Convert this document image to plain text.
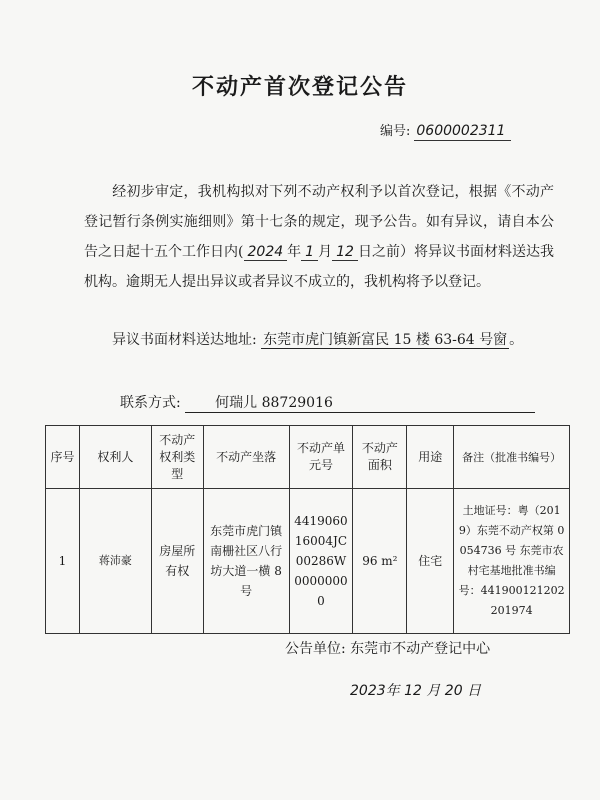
不动产首次登记公告
编号: 0600002311
经初步审定，我机构拟对下列不动产权利予以首次登记，根据《不动产登记暂行条例实施细则》第十七条的规定，现予公告。如有异议，请自本公告之日起十五个工作日内( 2024 年 1 月 12 日之前）将异议书面材料送达我机构。逾期无人提出异议或者异议不成立的，我机构将予以登记。
异议书面材料送达地址: 东莞市虎门镇新富民 15 楼 63-64 号窗 。
联系方式: 何瑞儿 88729016
序号	权利人	不动产权利类型	不动产坐落	不动产单元号	不动产面积	用途	备注（批准书编号）
1	蒋沛豪	房屋所有权	东莞市虎门镇南栅社区八行坊大道一横 8 号	441906016004JC00286W00000000	96 m²	住宅	土地证号：粤（2019）东莞不动产权第 0054736 号 东莞市农村宅基地批准书编号：441900121202201974
公告单位: 东莞市不动产登记中心
2023年 12 月 20 日
